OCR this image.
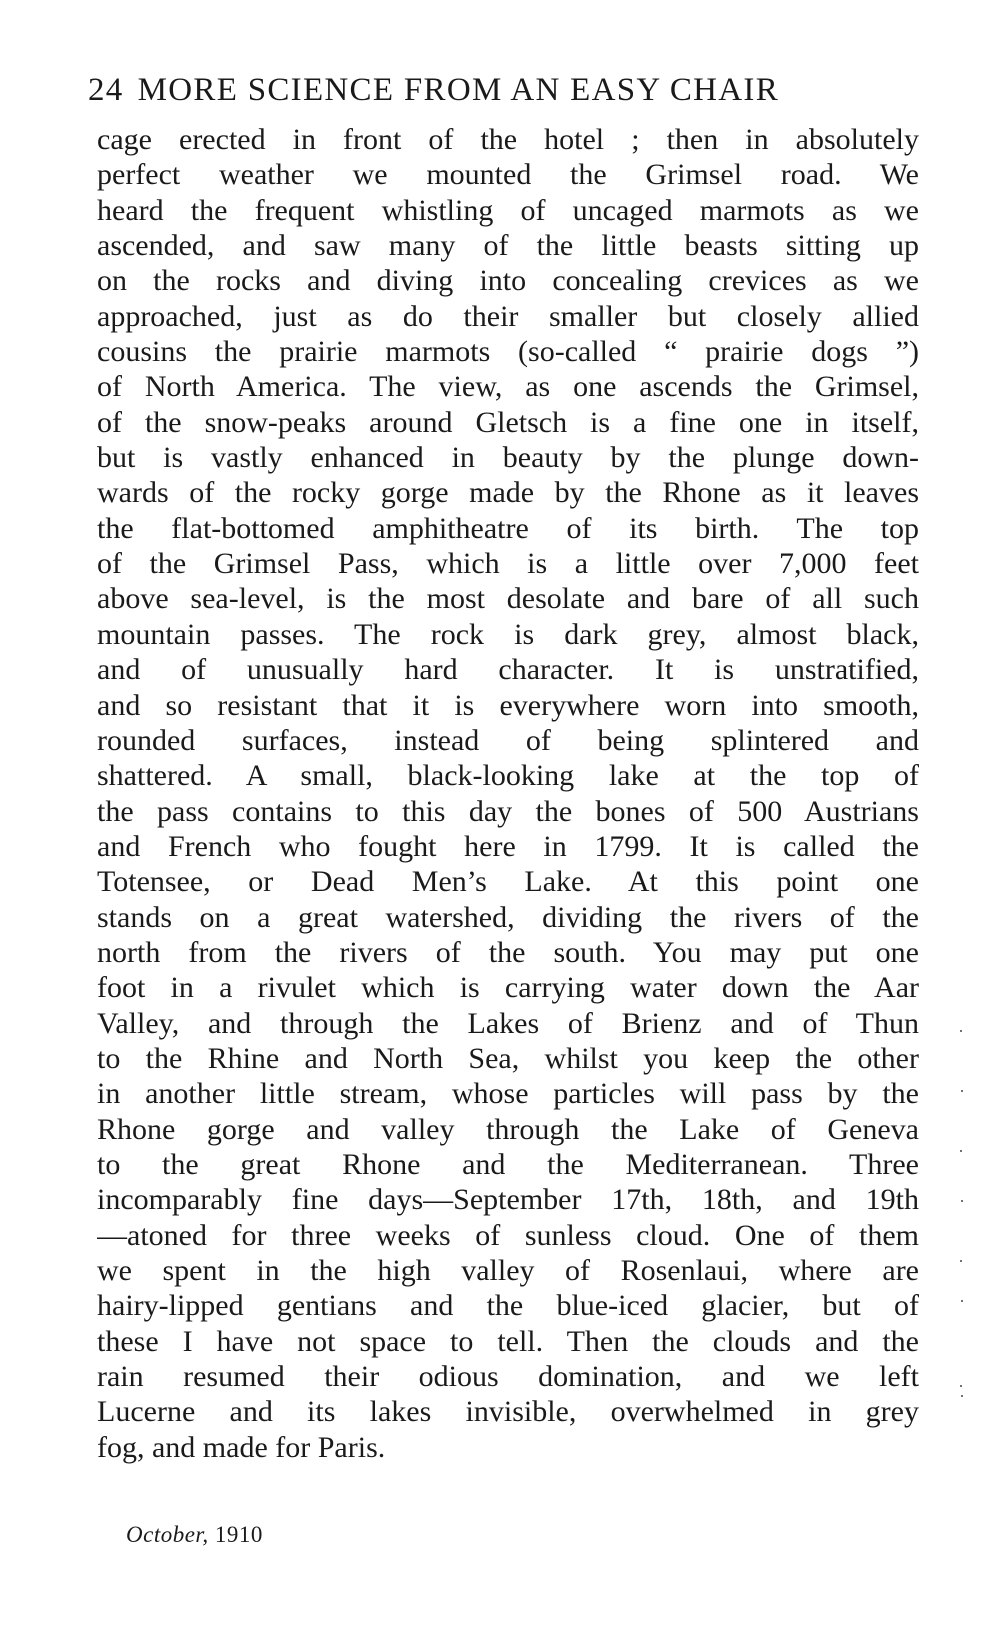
24 MORE SCIENCE FROM AN EASY CHAIR
cage erected in front of the hotel ; then in absolutely
perfect weather we mounted the Grimsel road. We
heard the frequent whistling of uncaged marmots as we
ascended, and saw many of the little beasts sitting up
on the rocks and diving into concealing crevices as we
approached, just as do their smaller but closely allied
cousins the prairie marmots (so-called “ prairie dogs ”)
of North America. The view, as one ascends the Grimsel,
of the snow-peaks around Gletsch is a fine one in itself,
but is vastly enhanced in beauty by the plunge down-
wards of the rocky gorge made by the Rhone as it leaves
the flat-bottomed amphitheatre of its birth. The top
of the Grimsel Pass, which is a little over 7,000 feet
above sea-level, is the most desolate and bare of all such
mountain passes. The rock is dark grey, almost black,
and of unusually hard character. It is unstratified,
and so resistant that it is everywhere worn into smooth,
rounded surfaces, instead of being splintered and
shattered. A small, black-looking lake at the top of
the pass contains to this day the bones of 500 Austrians
and French who fought here in 1799. It is called the
Totensee, or Dead Men’s Lake. At this point one
stands on a great watershed, dividing the rivers of the
north from the rivers of the south. You may put one
foot in a rivulet which is carrying water down the Aar
Valley, and through the Lakes of Brienz and of Thun
to the Rhine and North Sea, whilst you keep the other
in another little stream, whose particles will pass by the
Rhone gorge and valley through the Lake of Geneva
to the great Rhone and the Mediterranean. Three
incomparably fine days—September 17th, 18th, and 19th
—atoned for three weeks of sunless cloud. One of them
we spent in the high valley of Rosenlaui, where are
hairy-lipped gentians and the blue-iced glacier, but of
these I have not space to tell. Then the clouds and the
rain resumed their odious domination, and we left
Lucerne and its lakes invisible, overwhelmed in grey
fog, and made for Paris.
October, 1910
